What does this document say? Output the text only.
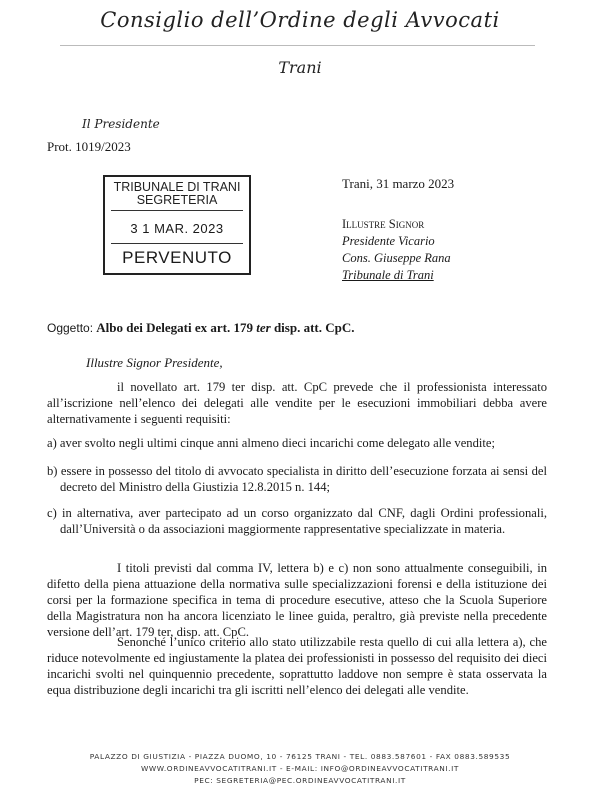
Consiglio dell’Ordine degli Avvocati
Trani
Il Presidente
Prot. 1019/2023
TRIBUNALE DI TRANI SEGRETERIA
3 1 MAR. 2023
PERVENUTO
Trani, 31 marzo 2023
Illustre Signor
Presidente Vicario
Cons. Giuseppe Rana
Tribunale di Trani
Oggetto: Albo dei Delegati ex art. 179 ter disp. att. CpC.
Illustre Signor Presidente,

il novellato art. 179 ter disp. att. CpC prevede che il professionista interessato all’iscrizione nell’elenco dei delegati alle vendite per le esecuzioni immobiliari debba avere alternativamente i seguenti requisiti:

a) aver svolto negli ultimi cinque anni almeno dieci incarichi come delegato alle vendite;

b) essere in possesso del titolo di avvocato specialista in diritto dell’esecuzione forzata ai sensi del decreto del Ministro della Giustizia 12.8.2015 n. 144;

c) in alternativa, aver partecipato ad un corso organizzato dal CNF, dagli Ordini professionali, dall’Università o da associazioni maggiormente rappresentative specializzate in materia.

I titoli previsti dal comma IV, lettera b) e c) non sono attualmente conseguibili, in difetto della piena attuazione della normativa sulle specializzazioni forensi e della istituzione dei corsi per la formazione specifica in tema di procedure esecutive, atteso che la Scuola Superiore della Magistratura non ha ancora licenziato le linee guida, peraltro, già previste nella precedente versione dell’art. 179 ter, disp. att. CpC.

Senonché l’unico criterio allo stato utilizzabile resta quello di cui alla lettera a), che riduce notevolmente ed ingiustamente la platea dei professionisti in possesso del requisito dei dieci incarichi svolti nel quinquennio precedente, soprattutto laddove non sempre è stata osservata la equa distribuzione degli incarichi tra gli iscritti nell’elenco dei delegati alle vendite.

PALAZZO DI GIUSTIZIA - PIAZZA DUOMO, 10 - 76125 TRANI - TEL. 0883.587601 - FAX 0883.589535
WWW.ORDINEAVVOCATITRANI.IT - E-MAIL: INFO@ORDINEAVVOCATITRANI.IT
PEC: SEGRETERIA@PEC.ORDINEAVVOCATITRANI.IT
